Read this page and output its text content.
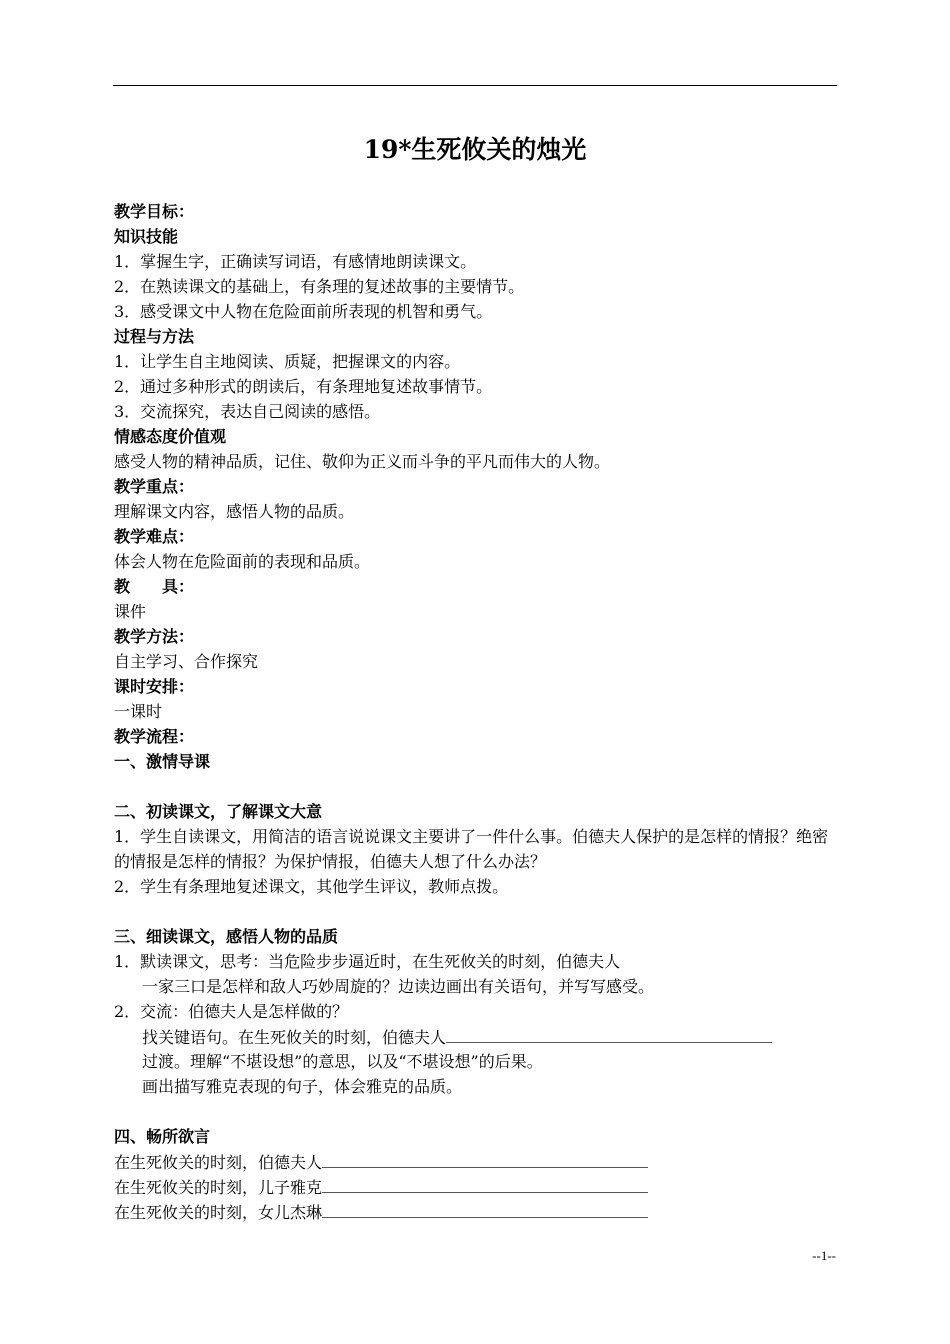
19*生死攸关的烛光
教学目标：
知识技能
1．掌握生字，正确读写词语，有感情地朗读课文。
2．在熟读课文的基础上，有条理的复述故事的主要情节。
3．感受课文中人物在危险面前所表现的机智和勇气。
过程与方法
1．让学生自主地阅读、质疑，把握课文的内容。
2．通过多种形式的朗读后，有条理地复述故事情节。
3．交流探究，表达自己阅读的感悟。
情感态度价值观
感受人物的精神品质，记住、敬仰为正义而斗争的平凡而伟大的人物。
教学重点：
理解课文内容，感悟人物的品质。
教学难点：
体会人物在危险面前的表现和品质。
教　　具：
课件
教学方法：
自主学习、合作探究
课时安排：
一课时
教学流程：
一、激情导课
二、初读课文，了解课文大意
1．学生自读课文，用简洁的语言说说课文主要讲了一件什么事。伯德夫人保护的是怎样的情报？绝密的情报是怎样的情报？为保护情报，伯德夫人想了什么办法？
2．学生有条理地复述课文，其他学生评议，教师点拨。
三、细读课文，感悟人物的品质
1．默读课文，思考：当危险步步逼近时，在生死攸关的时刻，伯德夫人
一家三口是怎样和敌人巧妙周旋的？边读边画出有关语句，并写写感受。
2．交流：伯德夫人是怎样做的？
找关键语句。在生死攸关的时刻，伯德夫人
过渡。理解“不堪设想”的意思，以及“不堪设想”的后果。
画出描写雅克表现的句子，体会雅克的品质。
四、畅所欲言
在生死攸关的时刻，伯德夫人
在生死攸关的时刻，儿子雅克
在生死攸关的时刻，女儿杰琳
--1--
